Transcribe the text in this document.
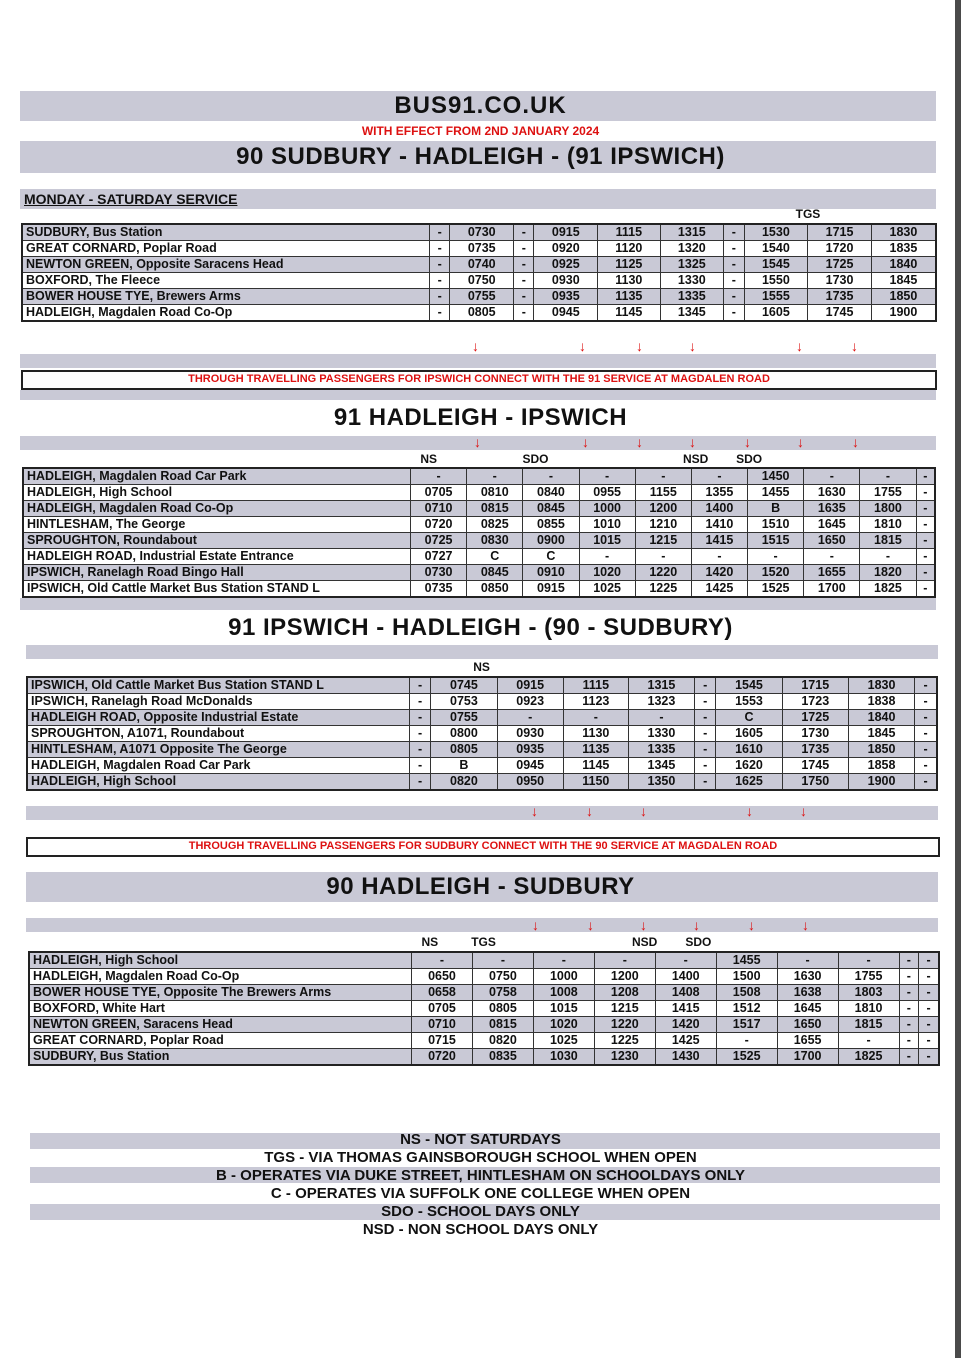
BUS91.CO.UK
WITH EFFECT FROM 2ND JANUARY 2024
90 SUDBURY - HADLEIGH - (91 IPSWICH)
MONDAY - SATURDAY SERVICE
TGS
SUDBURY, Bus Station	-	0730	-	0915	1115	1315	-	1530	1715	1830
GREAT CORNARD, Poplar Road	-	0735	-	0920	1120	1320	-	1540	1720	1835
NEWTON GREEN, Opposite Saracens Head	-	0740	-	0925	1125	1325	-	1545	1725	1840
BOXFORD, The Fleece	-	0750	-	0930	1130	1330	-	1550	1730	1845
BOWER HOUSE TYE, Brewers Arms	-	0755	-	0935	1135	1335	-	1555	1735	1850
HADLEIGH, Magdalen Road Co-Op	-	0805	-	0945	1145	1345	-	1605	1745	1900
↓	↓	↓	↓	↓	↓
THROUGH TRAVELLING PASSENGERS FOR IPSWICH CONNECT WITH THE 91 SERVICE AT MAGDALEN ROAD
91 HADLEIGH - IPSWICH
↓	↓	↓	↓	↓	↓	↓
NS	SDO	NSD	SDO
HADLEIGH, Magdalen Road Car Park	-	-	-	-	-	-	1450	-	-	-
HADLEIGH, High School	0705	0810	0840	0955	1155	1355	1455	1630	1755	-
HADLEIGH, Magdalen Road Co-Op	0710	0815	0845	1000	1200	1400	B	1635	1800	-
HINTLESHAM, The George	0720	0825	0855	1010	1210	1410	1510	1645	1810	-
SPROUGHTON, Roundabout	0725	0830	0900	1015	1215	1415	1515	1650	1815	-
HADLEIGH ROAD, Industrial Estate Entrance	0727	C	C	-	-	-	-	-	-	-
IPSWICH, Ranelagh Road Bingo Hall	0730	0845	0910	1020	1220	1420	1520	1655	1820	-
IPSWICH, Old Cattle Market Bus Station STAND L	0735	0850	0915	1025	1225	1425	1525	1700	1825	-
91 IPSWICH - HADLEIGH - (90 - SUDBURY)
NS
IPSWICH, Old Cattle Market Bus Station STAND L	-	0745	0915	1115	1315	-	1545	1715	1830	-
IPSWICH, Ranelagh Road McDonalds	-	0753	0923	1123	1323	-	1553	1723	1838	-
HADLEIGH ROAD, Opposite Industrial Estate	-	0755	-	-	-	-	C	1725	1840	-
SPROUGHTON, A1071, Roundabout	-	0800	0930	1130	1330	-	1605	1730	1845	-
HINTLESHAM, A1071 Opposite The George	-	0805	0935	1135	1335	-	1610	1735	1850	-
HADLEIGH, Magdalen Road Car Park	-	B	0945	1145	1345	-	1620	1745	1858	-
HADLEIGH, High School	-	0820	0950	1150	1350	-	1625	1750	1900	-
↓	↓	↓	↓	↓
THROUGH TRAVELLING PASSENGERS FOR SUDBURY CONNECT WITH THE 90 SERVICE AT MAGDALEN ROAD
90 HADLEIGH - SUDBURY
↓	↓	↓	↓	↓	↓
NS	TGS	NSD	SDO
HADLEIGH, High School	-	-	-	-	-	1455	-	-	-	-
HADLEIGH, Magdalen Road Co-Op	0650	0750	1000	1200	1400	1500	1630	1755	-	-
BOWER HOUSE TYE, Opposite The Brewers Arms	0658	0758	1008	1208	1408	1508	1638	1803	-	-
BOXFORD, White Hart	0705	0805	1015	1215	1415	1512	1645	1810	-	-
NEWTON GREEN, Saracens Head	0710	0815	1020	1220	1420	1517	1650	1815	-	-
GREAT CORNARD, Poplar Road	0715	0820	1025	1225	1425	-	1655	-	-	-
SUDBURY, Bus Station	0720	0835	1030	1230	1430	1525	1700	1825	-	-
NS - NOT SATURDAYS
TGS - VIA THOMAS GAINSBOROUGH SCHOOL WHEN OPEN
B - OPERATES VIA DUKE STREET, HINTLESHAM ON SCHOOLDAYS ONLY
C - OPERATES VIA SUFFOLK ONE COLLEGE WHEN OPEN
SDO - SCHOOL DAYS ONLY
NSD - NON SCHOOL DAYS ONLY
